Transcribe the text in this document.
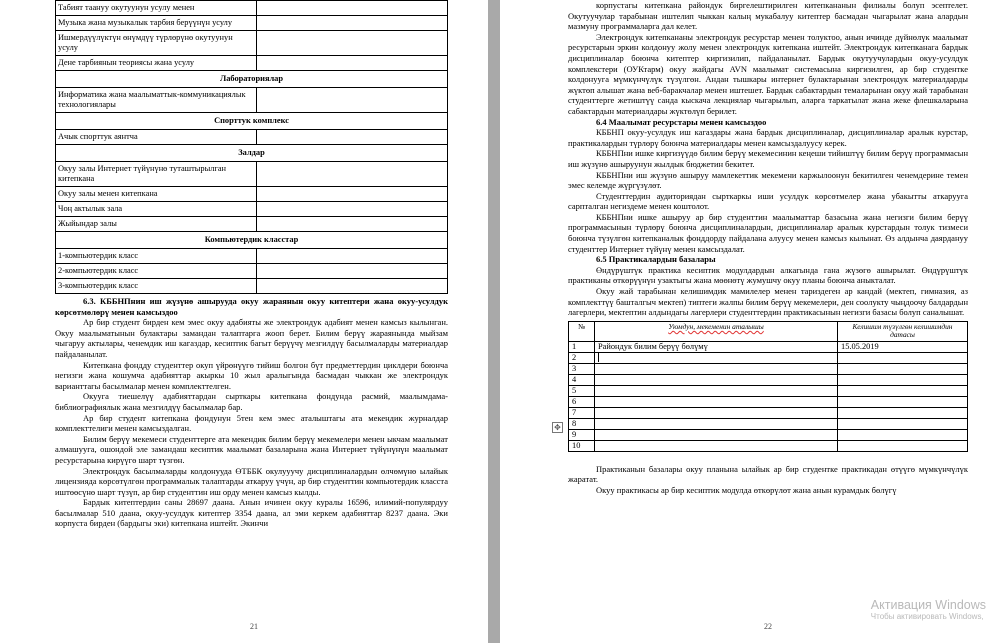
Табият таануу окутуунун усулу менен	
Музыка жана музыкалык тарбия берүүнүн усулу	
Ишмердүүлүктүн өнүмдүү түрлөрүнө окутуунун усулу	
Дене тарбиянын теориясы жана усулу	
Лабораториялар	
Информатика жана маалыматтык-коммуникациялык технологиялары	
Спорттук комплекс	
Ачык спорттук аянтча	
Залдар	
Окуу залы Интернет түйүнүнө туташтырылган китепкана	
Окуу залы менен китепкана	
Чоң актылык зала	
Жыйындар залы	
Компьютердик класстар	
1-компьютердик класс	
2-компьютердик класс	
3-компьютердик класс	

6.3. КББНПнин иш жүзүнө ашырууда окуу жараянын окуу китептери жана окуу-усулдук көрсөтмөлөрү менен камсыздоо

Ар бир студент бирден кем эмес окуу адабияты же электрондук адабият менен камсыз кылынган. Окуу маалыматынын булактары замандан талаптарга жооп берет. Билим берүү жараянында мыйзам чыгаруу актылары, ченемдик иш кагаздар, кесиптик багыт берүүчү мезгилдүү басылмаларды материалдар пайдаланылат.

Китепкана фондду студенттер окуп үйрөнүүгө тийиш болгон бүт предметтердин циклдери боюнча негизги жана кошумча адабияттар акыркы 10 жыл аралыгында басмадан чыккан же электрондук варианттагы басылмалар менен комплекттелген.

Окууга тиешелүү адабияттардан сырткары китепкана фондунда расмий, маалымдама-библиографиялык жана мезгилдүү басылмалар бар.

Ар бир студент китепкана фондунун 5тен кем эмес аталыштагы ата мекендик журналдар комплекттелиги менен камсыздалган.

Билим берүү мекемеси студенттерге ата мекендик билим берүү мекемелери менен ыкчам маалымат алмашууга, ошондой эле замандаш кесиптик маалымат базаларына жана Интернет түйүнүнүн маалымат ресурстарына кирүүгө шарт түзгөн.

Электрондук басылмаларды колдонууда ӨТББК окулууучу дисциплиналардын өлчөмүнө ылайык лицензияда көрсөтүлгөн программалык талаптарды аткаруу үчүн, ар бир студенттин компьютердик класста иштөөсүнө шарт түзүп, ар бир студенттин иш орду менен камсыз кылды.

Бардык китептердин саны 28697 даана. Анын ичинен окуу куралы 16596, илимий-популярдуу басылмалар 510 даана, окуу-усулдук китептер 3354 даана, ал эми керкем адабияттар 8237 даана. Эки корпуста бирден (бардыгы эки) китепкана иштейт. Экинчи

21
✥

корпустагы китепкана райондук биргелештирилген китепкананын филиалы болуп эсептелет. Окутуучулар тарабынан иштелип чыккан калың мукабалуу китептер басмадан чыгарылат жана алардын мазмуну программаларга дал келет.

Электрондук китепкананы электрондук ресурстар менен толуктоо, анын ичинде дүйнөлүк маалымат ресурстарын эркин колдонуу жолу менен электрондук китепкана иштейт. Электрондук китепканага бардык дисциплиналар боюнча китептер киргизилип, пайдаланылат. Бардык окутуучулардын окуу-усулдук комплекстери (ОУКтарм) окуу жайдагы AVN маалымат системасына киргизилген, ар бир студентке колдонууга мүмкүнчүлүк түзүлгөн. Андан тышкары интернет булактарынан электрондук материалдарды жүктөп алышат жана веб-баракчалар менен иштешет. Бардык сабактардын темаларынан окуу жай тарабынан студенттерге жетиштүү санда кыскача лекциялар чыгарылып, аларга таркатылат жана жеке флешкаларына сабактардын материалдары жүктөлүп берилет.

6.4 Маалымат ресурстары менен камсыздоо

КББНП окуу-усулдук иш кагаздары жана бардык дисциплиналар, дисциплиналар аралык курстар, практикалардын түрлөрү боюнча материалдары менен камсыздалуусу керек.

КББНПни ишке киргизүүдө билим берүү мекемесинин кеңеши тийиштүү билим берүү программасын иш жүзүнө ашыруунун жылдык бюджетин бекитет.

КББНПни иш жүзүнө ашыруу мамлекеттик мекемени каржылоонун бекитилген ченемдерине темен эмес келемде жүргүзүлөт.

Студенттердин аудиториядан сырткаркы иши усулдук көрсөтмелер жана убакытты аткарууга сарпталган негиздеме менен коштолот.

КББНПни ишке ашыруу ар бир студенттин маалыматтар базасына жана негизги билим берүү программасынын түрлөрү боюнча дисциплиналардын, дисциплиналар аралык курстардын толук тизмеси боюнча түзүлгөн китепканалык фонддорду пайдалана алуусу менен камсыз кылынат. Өз алдынча даярдануу студенттер Интернет түйүнү менен камсыздалат.

6.5 Практикалардын базалары

Өндүрүштүк практика кесиптик модулдардын алкагында гана жүзөгө ашырылат. Өндүрүштүк практиканы өткөрүүнүн узактыгы жана мөөнөтү жумушчу окуу планы боюнча аныкталат.

Окуу жай тарабынан келишимдик мамилелер менен тариздеген ар кандай (мектеп, гимназия, аз комплекттүү башталгыч мектеп) типтеги жалпы билим берүү мекемелери, ден соолукту чыңдоочу балдардын лагерлери, мектептин алдындагы лагерлери студенттердин практикасынын негизги базасы болуп саналышат.

№	Уюмдун, мекеменин аталышы	Келишим түзүлгөн келишимдин датасы
1	Райондук билим берүү бөлүмү	15.05.2019
2		
3		
4		
5		
6		
7		
8		
9		
10		

Практиканын базалары окуу планына ылайык ар бир студентке практикадан өтүүгө мүмкүнчүлүк жаратат.

Окуу практикасы ар бир кесиптик модулда өткөрүлөт жана анын курамдык бөлүгү

22
Активация Windows
Чтобы активировать Windows,
